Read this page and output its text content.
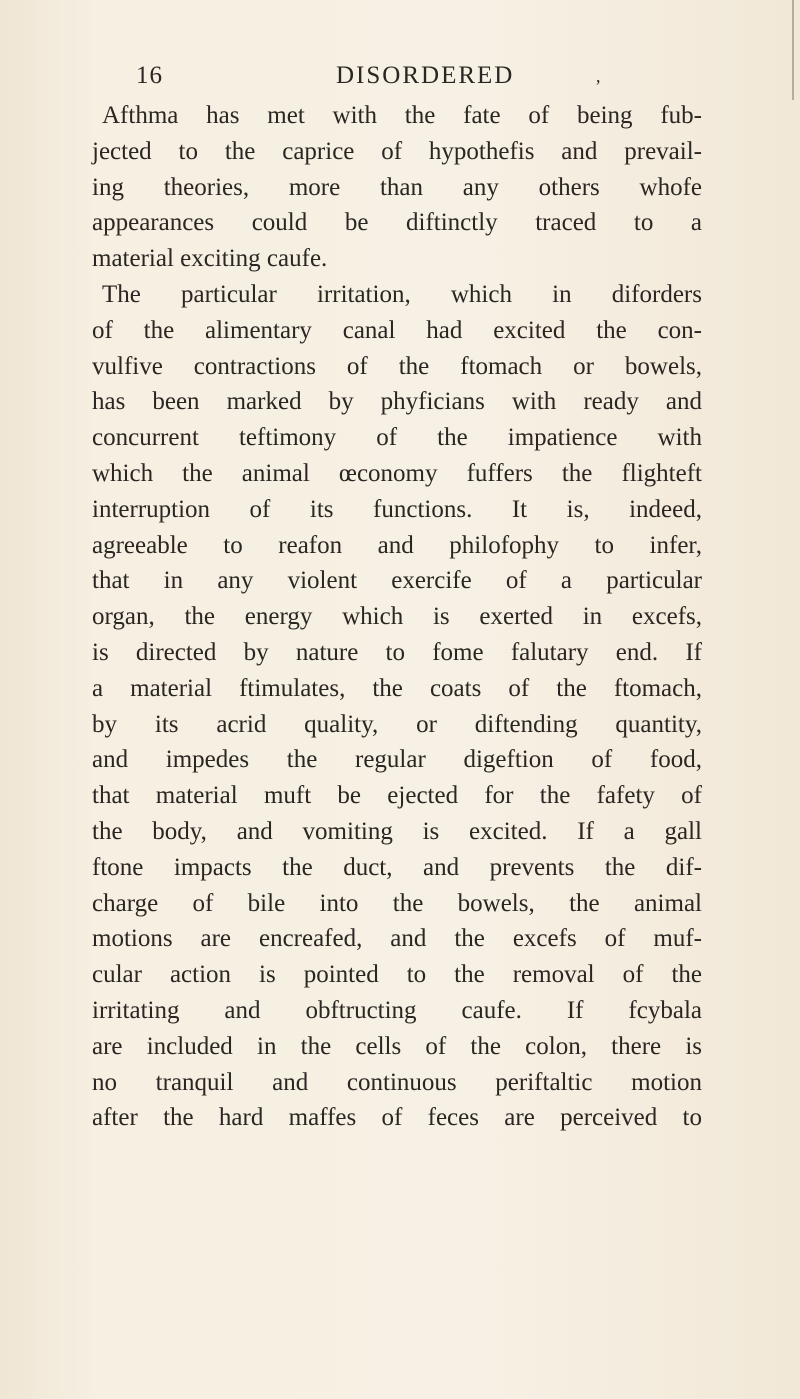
16	DISORDERED	,
Afthma has met with the fate of being fub-
jected to the caprice of hypothefis and prevail-
ing theories, more than any others whofe
appearances could be diftinctly traced to a
material exciting caufe.
The particular irritation, which in diforders
of the alimentary canal had excited the con-
vulfive contractions of the ftomach or bowels,
has been marked by phyficians with ready and
concurrent teftimony of the impatience with
which the animal œconomy fuffers the flighteft
interruption of its functions. It is, indeed,
agreeable to reafon and philofophy to infer,
that in any violent exercife of a particular
organ, the energy which is exerted in excefs,
is directed by nature to fome falutary end. If
a material ftimulates, the coats of the ftomach,
by its acrid quality, or diftending quantity,
and impedes the regular digeftion of food,
that material muft be ejected for the fafety of
the body, and vomiting is excited. If a gall
ftone impacts the duct, and prevents the dif-
charge of bile into the bowels, the animal
motions are encreafed, and the excefs of muf-
cular action is pointed to the removal of the
irritating and obftructing caufe. If fcybala
are included in the cells of the colon, there is
no tranquil and continuous periftaltic motion
after the hard maffes of feces are perceived to
